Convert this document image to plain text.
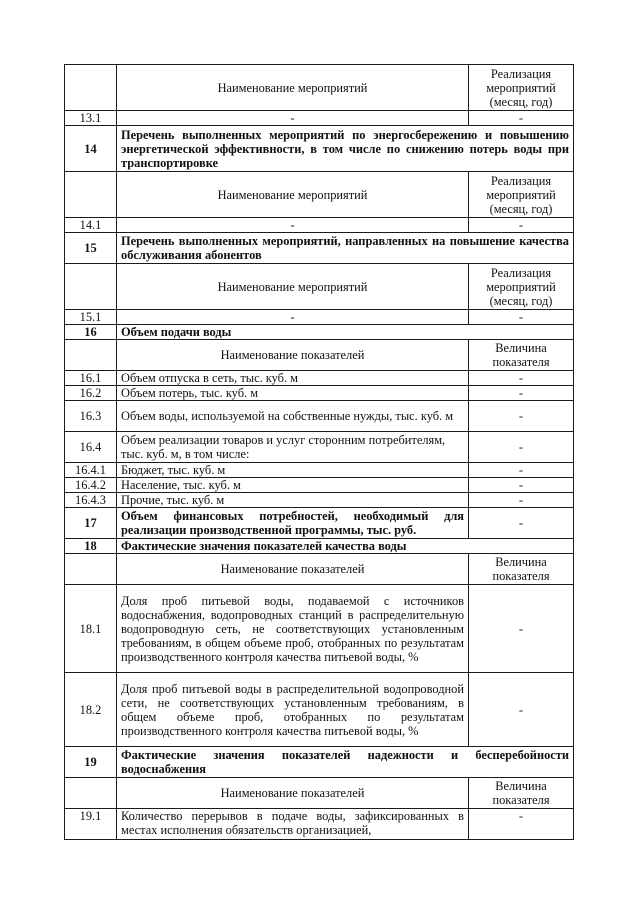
	Наименование мероприятий	Реализация мероприятий (месяц, год)
13.1	-	-
14	Перечень выполненных мероприятий по энергосбережению и повышению энергетической эффективности, в том числе по снижению потерь воды при транспортировке	
	Наименование мероприятий	Реализация мероприятий (месяц, год)
14.1	-	-
15	Перечень выполненных мероприятий, направленных на повышение качества обслуживания абонентов	
	Наименование мероприятий	Реализация мероприятий (месяц, год)
15.1	-	-
16	Объем подачи воды	
	Наименование показателей	Величина показателя
16.1	Объем отпуска в сеть, тыс. куб. м	-
16.2	Объем потерь, тыс. куб. м	-
16.3	Объем воды, используемой на собственные нужды, тыс. куб. м	-
16.4	Объем реализации товаров и услуг сторонним потребителям, тыс. куб. м, в том числе:	-
16.4.1	Бюджет, тыс. куб. м	-
16.4.2	Население, тыс. куб. м	-
16.4.3	Прочие, тыс. куб. м	-
17	Объем финансовых потребностей, необходимый для реализации производственной программы, тыс. руб.	-
18	Фактические значения показателей качества воды	
	Наименование показателей	Величина показателя
18.1	Доля проб питьевой воды, подаваемой с источников водоснабжения, водопроводных станций в распределительную водопроводную сеть, не соответствующих установленным требованиям, в общем объеме проб, отобранных по результатам производственного контроля качества питьевой воды, %	-
18.2	Доля проб питьевой воды в распределительной водопроводной сети, не соответствующих установленным требованиям, в общем объеме проб, отобранных по результатам производственного контроля качества питьевой воды, %	-
19	Фактические значения показателей надежности и бесперебойности водоснабжения	
	Наименование показателей	Величина показателя
19.1	Количество перерывов в подаче воды, зафиксированных в местах исполнения обязательств организацией,	-
